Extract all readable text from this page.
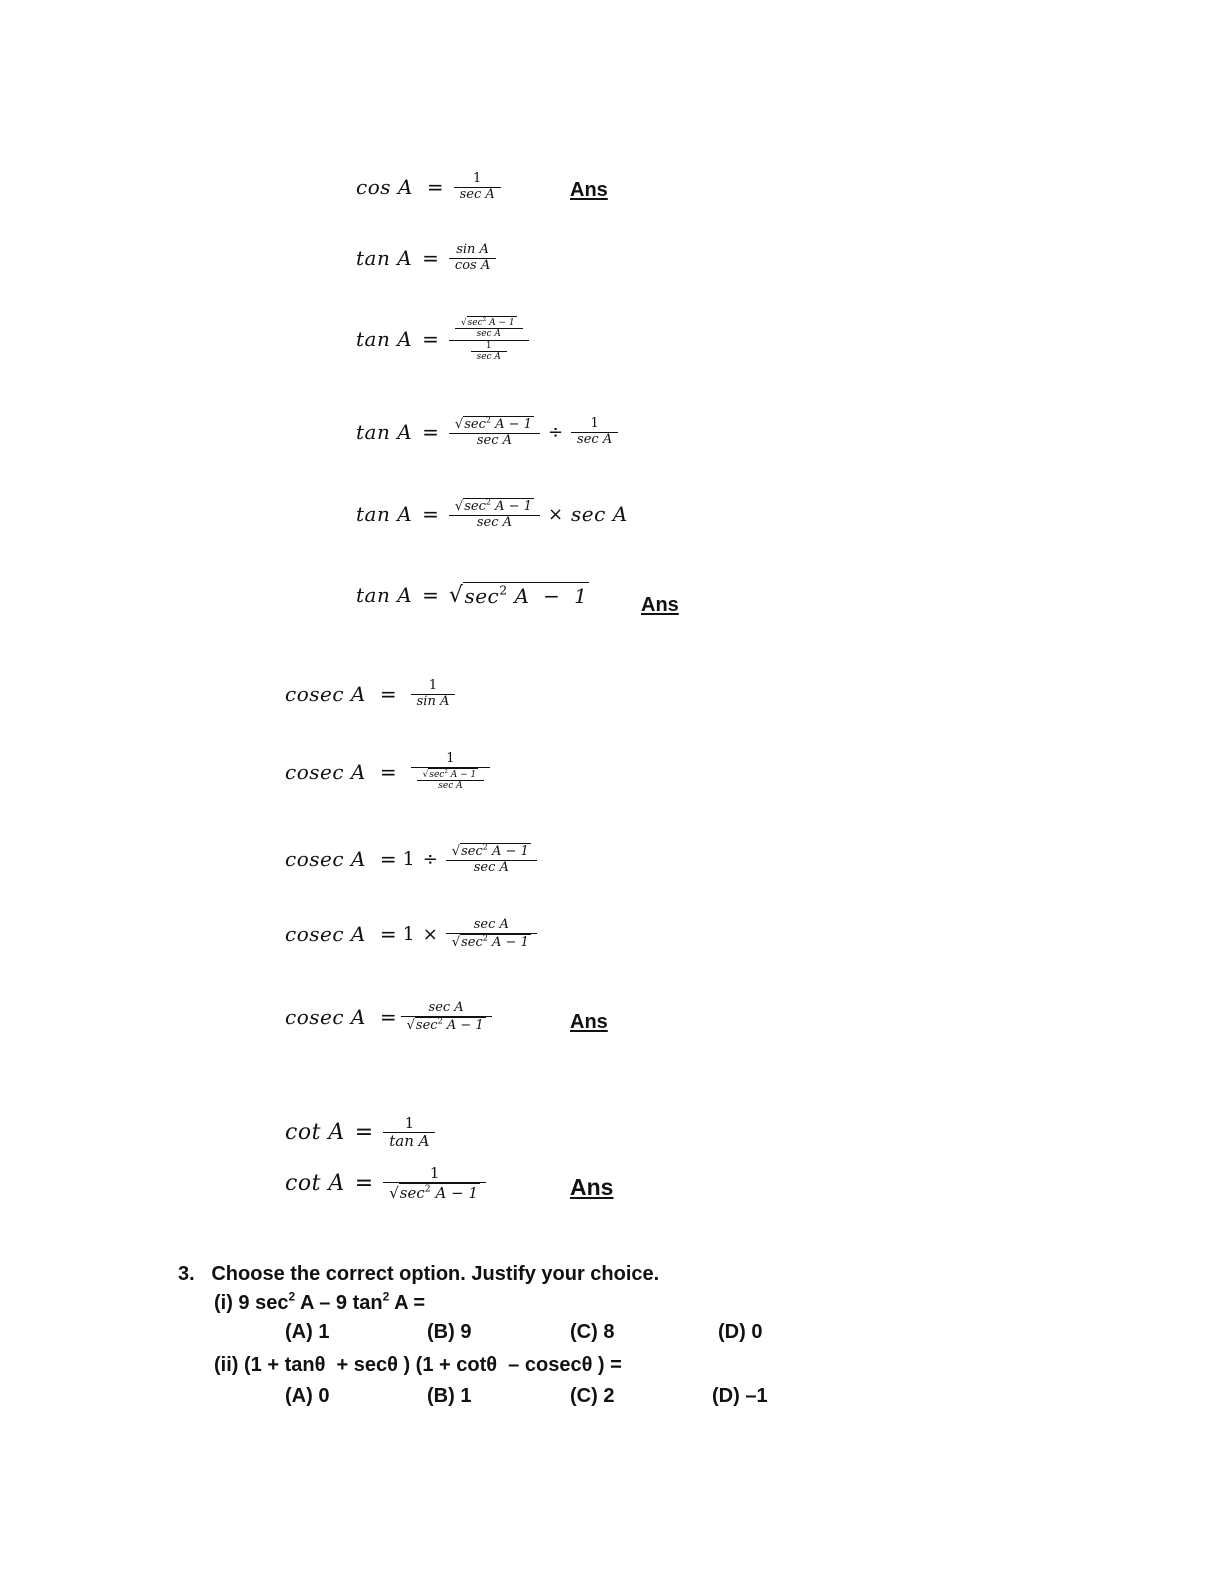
$\cos A = \frac{1}{\text{sec A}}$	Ans
$\tan A = \frac{\text{sin A}}{\text{cos A}}$
$\tan A = \frac{\frac{√ \sec^2 A - 1}{\text{sec A}}}{\frac{1}{\text{sec A}}}$
$\tan A = \frac{√ \sec^2 A - 1}{\text{sec A}} \div \frac{1}{\text{sec A}}$
$\tan A = \frac{√ \sec^2 A - 1}{\text{sec A}} \times \sec A$
tan A = √ $\sec^2 A - 1$	Ans
cosec $A = \frac{1}{\text{sin A}}$
cosec $A = \frac{1}{\frac{√ \sec^2 A - 1}{\text{sec A}}}$
cosec $A = 1 \div \frac{√ \sec^2 A - 1}{\text{sec A}}$
cosec $A = 1 \times \frac{\text{sec A}}{√ \sec^2 A - 1}$
cosec $A = \frac{\text{sec A}}{√ \sec^2 A - 1}$	Ans
$\cot A = \frac{1}{\text{tan A}}$
$\cot A = \frac{1}{√ \sec^2 A - 1}$	Ans
3.   Choose the correct option. Justify your choice.
(i) 9 $\sec^2 A - 9$ $\tan^2 A$ =
(A) 1	(B) 9	(C) 8	(D) 0
(ii) (1 + tanθ  + secθ ) (1 + cotθ  – cosecθ ) =
(A) 0	(B) 1	(C) 2	(D) –1
